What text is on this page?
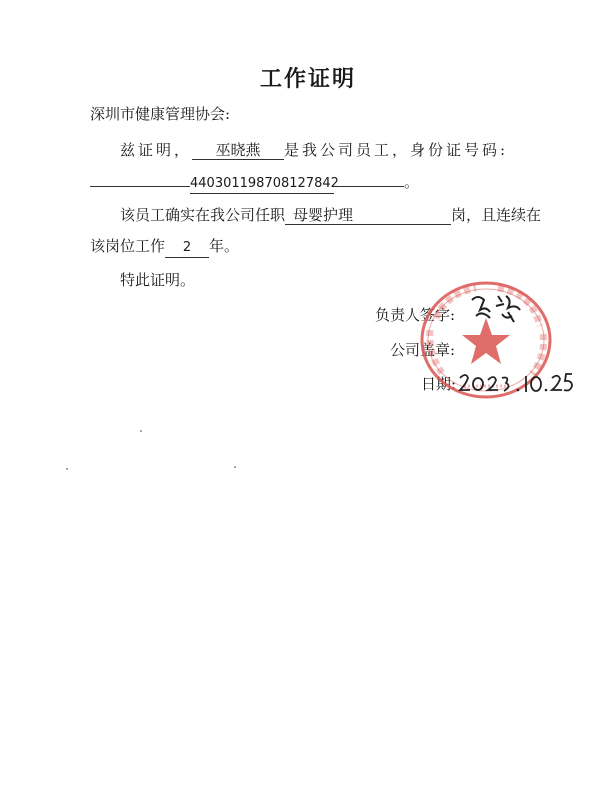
工作证明
深圳市健康管理协会:
兹证明， 巫晓燕 是我公司员工，身份证号码:
440301198708127842	。
该员工确实在我公司任职 母婴护理	岗，且连续在
该岗位工作 2 年。
特此证明。
负责人签字:
公司盖章:
日期:
